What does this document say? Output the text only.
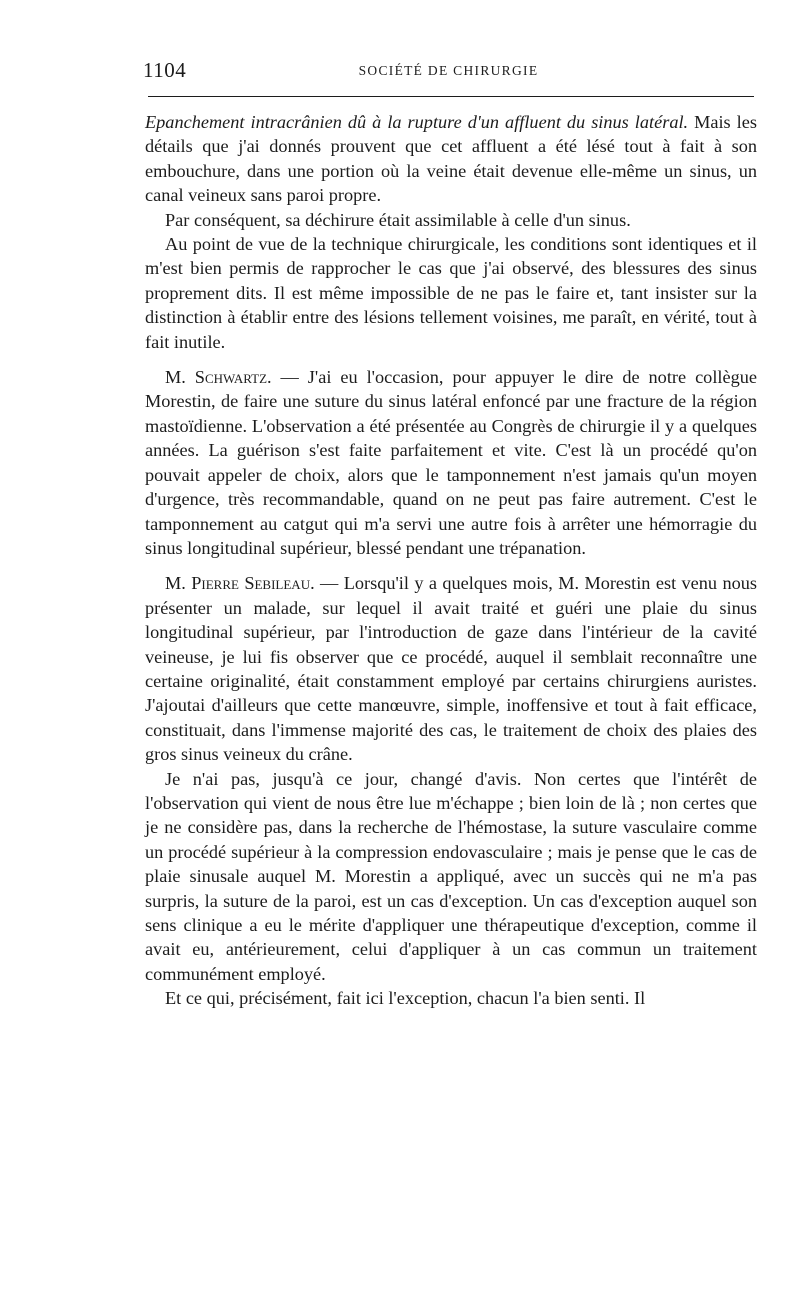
1104	SOCIÉTÉ DE CHIRURGIE

Epanchement intracrânien dû à la rupture d'un affluent du sinus latéral. Mais les détails que j'ai donnés prouvent que cet affluent a été lésé tout à fait à son embouchure, dans une portion où la veine était devenue elle-même un sinus, un canal veineux sans paroi propre.

Par conséquent, sa déchirure était assimilable à celle d'un sinus.

Au point de vue de la technique chirurgicale, les conditions sont identiques et il m'est bien permis de rapprocher le cas que j'ai observé, des blessures des sinus proprement dits. Il est même impossible de ne pas le faire et, tant insister sur la distinction à établir entre des lésions tellement voisines, me paraît, en vérité, tout à fait inutile.

M. Schwartz. — J'ai eu l'occasion, pour appuyer le dire de notre collègue Morestin, de faire une suture du sinus latéral enfoncé par une fracture de la région mastoïdienne. L'observation a été présentée au Congrès de chirurgie il y a quelques années. La guérison s'est faite parfaitement et vite. C'est là un procédé qu'on pouvait appeler de choix, alors que le tamponnement n'est jamais qu'un moyen d'urgence, très recommandable, quand on ne peut pas faire autrement. C'est le tamponnement au catgut qui m'a servi une autre fois à arrêter une hémorragie du sinus longitudinal supérieur, blessé pendant une trépanation.

M. Pierre Sebileau. — Lorsqu'il y a quelques mois, M. Morestin est venu nous présenter un malade, sur lequel il avait traité et guéri une plaie du sinus longitudinal supérieur, par l'introduction de gaze dans l'intérieur de la cavité veineuse, je lui fis observer que ce procédé, auquel il semblait reconnaître une certaine originalité, était constamment employé par certains chirurgiens auristes. J'ajoutai d'ailleurs que cette manœuvre, simple, inoffensive et tout à fait efficace, constituait, dans l'immense majorité des cas, le traitement de choix des plaies des gros sinus veineux du crâne.

Je n'ai pas, jusqu'à ce jour, changé d'avis. Non certes que l'intérêt de l'observation qui vient de nous être lue m'échappe ; bien loin de là ; non certes que je ne considère pas, dans la recherche de l'hémostase, la suture vasculaire comme un procédé supérieur à la compression endovasculaire ; mais je pense que le cas de plaie sinusale auquel M. Morestin a appliqué, avec un succès qui ne m'a pas surpris, la suture de la paroi, est un cas d'exception. Un cas d'exception auquel son sens clinique a eu le mérite d'appliquer une thérapeutique d'exception, comme il avait eu, antérieurement, celui d'appliquer à un cas commun un traitement communément employé.

Et ce qui, précisément, fait ici l'exception, chacun l'a bien senti. Il
